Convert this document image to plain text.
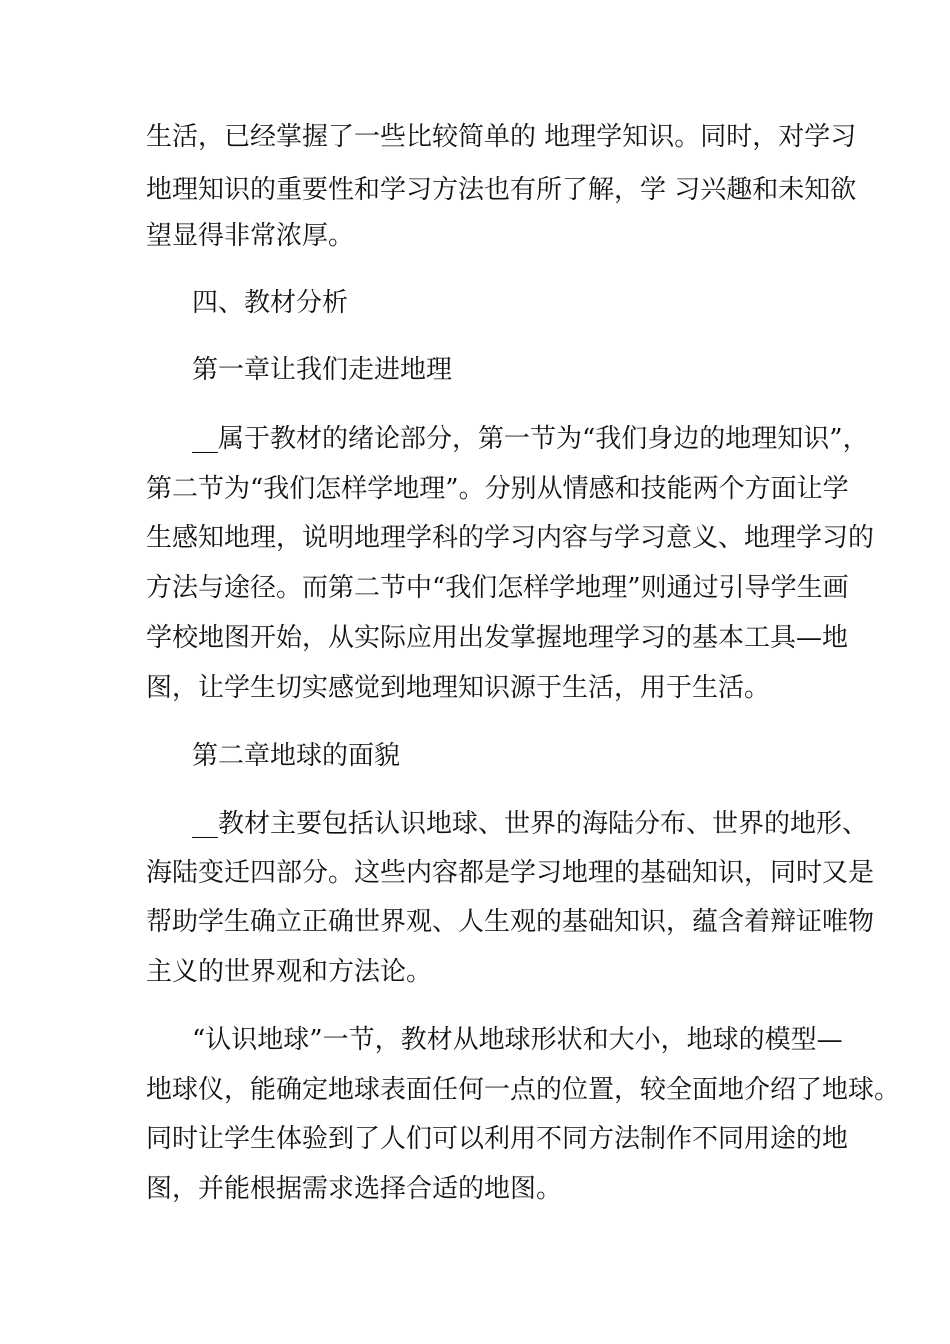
生活，已经掌握了一些比较简单的 地理学知识。同时，对学习

地理知识的重要性和学习方法也有所了解，学 习兴趣和未知欲

望显得非常浓厚。

四、教材分析

第一章让我们走进地理

__属于教材的绪论部分，第一节为“我们身边的地理知识”，

第二节为“我们怎样学地理”。分别从情感和技能两个方面让学

生感知地理，说明地理学科的学习内容与学习意义、地理学习的

方法与途径。而第二节中“我们怎样学地理”则通过引导学生画

学校地图开始，从实际应用出发掌握地理学习的基本工具—地

图，让学生切实感觉到地理知识源于生活，用于生活。

第二章地球的面貌

__教材主要包括认识地球、世界的海陆分布、世界的地形、

海陆变迁四部分。这些内容都是学习地理的基础知识，同时又是

帮助学生确立正确世界观、人生观的基础知识，蕴含着辩证唯物

主义的世界观和方法论。

“认识地球”一节，教材从地球形状和大小，地球的模型—

地球仪，能确定地球表面任何一点的位置，较全面地介绍了地球。

同时让学生体验到了人们可以利用不同方法制作不同用途的地

图，并能根据需求选择合适的地图。
